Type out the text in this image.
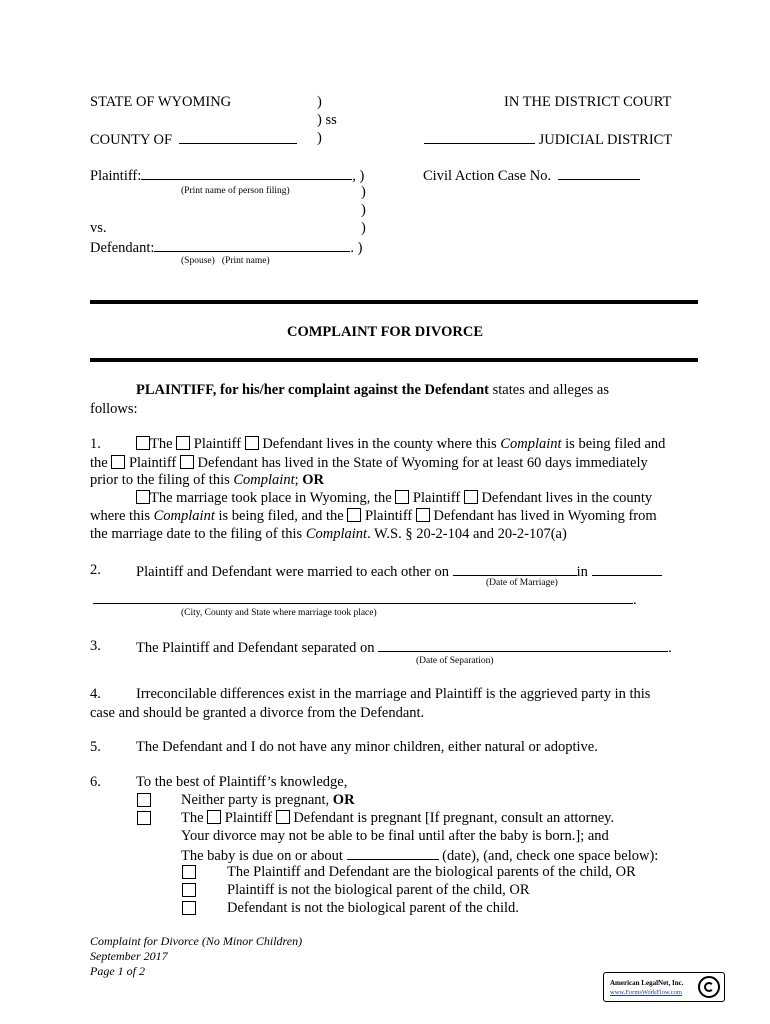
STATE OF WYOMING	)
) ss
)
COUNTY OF
IN THE DISTRICT COURT
JUDICIAL DISTRICT
Plaintiff:	, )
(Print name of person filing)	)
)
)
vs.
Defendant:	. )
(Spouse) (Print name)
Civil Action Case No.
COMPLAINT FOR DIVORCE
PLAINTIFF, for his/her complaint against the Defendant states and alleges as
follows:
1.	The Plaintiff Defendant lives in the county where this Complaint is being filed and
the Plaintiff Defendant has lived in the State of Wyoming for at least 60 days immediately
prior to the filing of this Complaint; OR
The marriage took place in Wyoming, the Plaintiff Defendant lives in the county
where this Complaint is being filed, and the Plaintiff Defendant has lived in Wyoming from
the marriage date to the filing of this Complaint. W.S. § 20-2-104 and 20-2-107(a)
2. Plaintiff and Defendant were married to each other on	in
(Date of Marriage)
.
(City, County and State where marriage took place)
3. The Plaintiff and Defendant separated on	.
(Date of Separation)
4. Irreconcilable differences exist in the marriage and Plaintiff is the aggrieved party in this
case and should be granted a divorce from the Defendant.
5. The Defendant and I do not have any minor children, either natural or adoptive.
6. To the best of Plaintiff’s knowledge,
Neither party is pregnant, OR
The Plaintiff Defendant is pregnant [If pregnant, consult an attorney.
Your divorce may not be able to be final until after the baby is born.]; and
The baby is due on or about	(date), (and, check one space below):
The Plaintiff and Defendant are the biological parents of the child, OR
Plaintiff is not the biological parent of the child, OR
Defendant is not the biological parent of the child.
Complaint for Divorce (No Minor Children)
September 2017
Page 1 of 2
American LegalNet, Inc.
www.FormsWorkFlow.com
